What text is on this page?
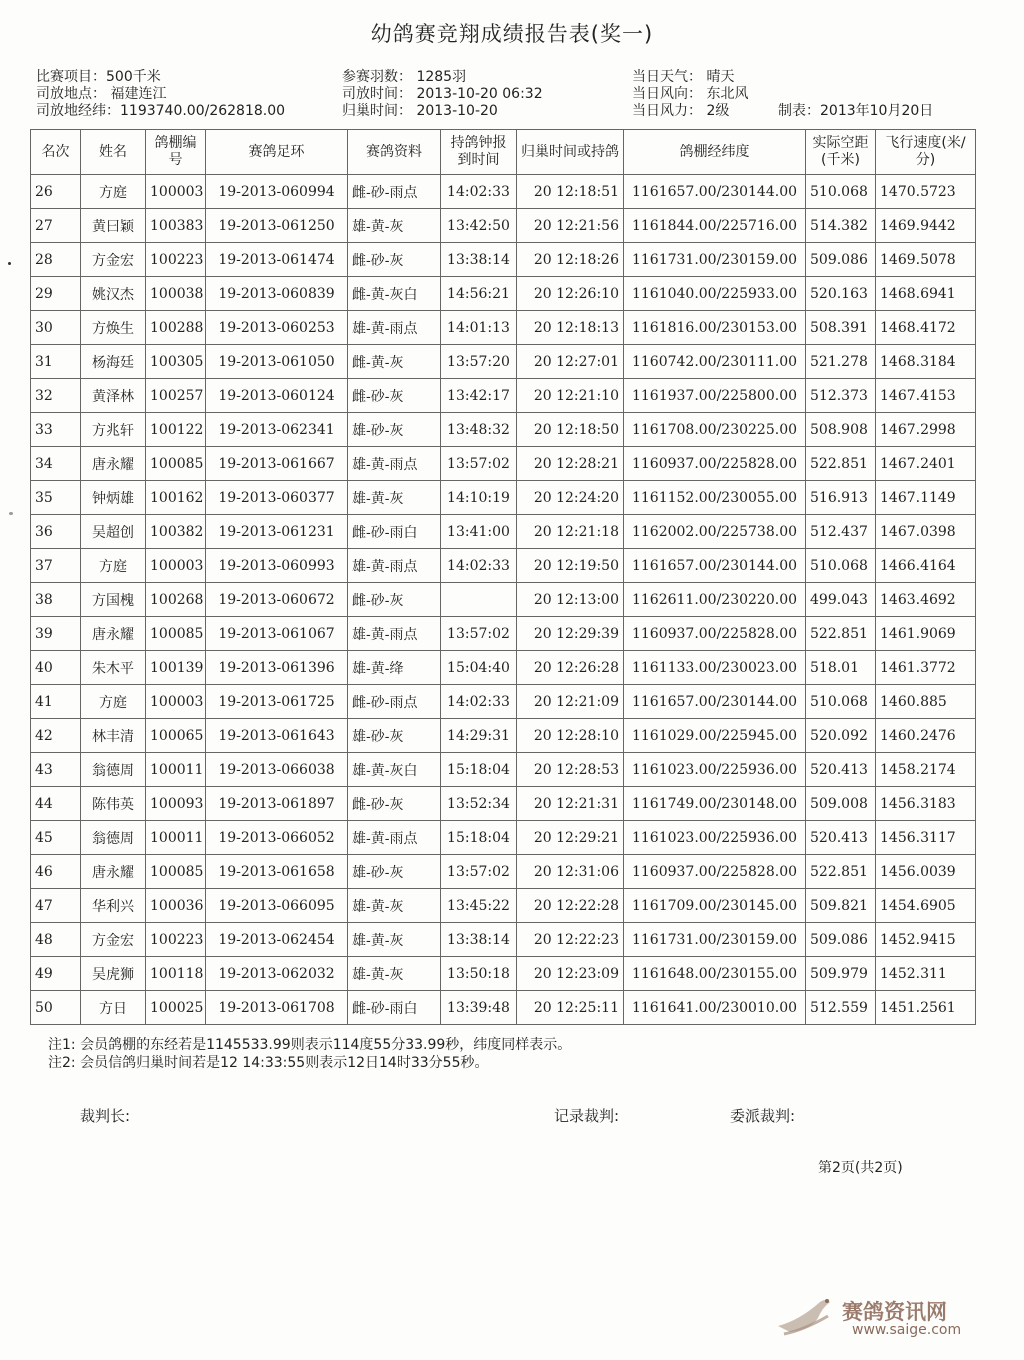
幼鸽赛竞翔成绩报告表(奖一)
比赛项目：500千米
司放地点： 福建连江
司放地经纬：1193740.00/262818.00
参赛羽数： 1285羽
司放时间： 2013-10-20 06:32
归巢时间： 2013-10-20
当日天气： 晴天
当日风向： 东北风
当日风力： 2级	制表：2013年10月20日
名次	姓名	鸽棚编号	赛鸽足环	赛鸽资料	持鸽钟报到时间	归巢时间或持鸽	鸽棚经纬度	实际空距(千米)	飞行速度(米/分)
26	方庭	100003	19-2013-060994	雌-砂-雨点	14:02:33	20 12:18:51	1161657.00/230144.00	510.068	1470.5723
27	黄曰颖	100383	19-2013-061250	雄-黄-灰	13:42:50	20 12:21:56	1161844.00/225716.00	514.382	1469.9442
28	方金宏	100223	19-2013-061474	雌-砂-灰	13:38:14	20 12:18:26	1161731.00/230159.00	509.086	1469.5078
29	姚汉杰	100038	19-2013-060839	雌-黄-灰白	14:56:21	20 12:26:10	1161040.00/225933.00	520.163	1468.6941
30	方焕生	100288	19-2013-060253	雄-黄-雨点	14:01:13	20 12:18:13	1161816.00/230153.00	508.391	1468.4172
31	杨海廷	100305	19-2013-061050	雌-黄-灰	13:57:20	20 12:27:01	1160742.00/230111.00	521.278	1468.3184
32	黄泽林	100257	19-2013-060124	雌-砂-灰	13:42:17	20 12:21:10	1161937.00/225800.00	512.373	1467.4153
33	方兆轩	100122	19-2013-062341	雄-砂-灰	13:48:32	20 12:18:50	1161708.00/230225.00	508.908	1467.2998
34	唐永耀	100085	19-2013-061667	雄-黄-雨点	13:57:02	20 12:28:21	1160937.00/225828.00	522.851	1467.2401
35	钟炳雄	100162	19-2013-060377	雄-黄-灰	14:10:19	20 12:24:20	1161152.00/230055.00	516.913	1467.1149
36	吴超创	100382	19-2013-061231	雌-砂-雨白	13:41:00	20 12:21:18	1162002.00/225738.00	512.437	1467.0398
37	方庭	100003	19-2013-060993	雄-黄-雨点	14:02:33	20 12:19:50	1161657.00/230144.00	510.068	1466.4164
38	方国槐	100268	19-2013-060672	雌-砂-灰		20 12:13:00	1162611.00/230220.00	499.043	1463.4692
39	唐永耀	100085	19-2013-061067	雄-黄-雨点	13:57:02	20 12:29:39	1160937.00/225828.00	522.851	1461.9069
40	朱木平	100139	19-2013-061396	雄-黄-绛	15:04:40	20 12:26:28	1161133.00/230023.00	518.01	1461.3772
41	方庭	100003	19-2013-061725	雌-砂-雨点	14:02:33	20 12:21:09	1161657.00/230144.00	510.068	1460.885
42	林丰清	100065	19-2013-061643	雄-砂-灰	14:29:31	20 12:28:10	1161029.00/225945.00	520.092	1460.2476
43	翁德周	100011	19-2013-066038	雄-黄-灰白	15:18:04	20 12:28:53	1161023.00/225936.00	520.413	1458.2174
44	陈伟英	100093	19-2013-061897	雌-砂-灰	13:52:34	20 12:21:31	1161749.00/230148.00	509.008	1456.3183
45	翁德周	100011	19-2013-066052	雄-黄-雨点	15:18:04	20 12:29:21	1161023.00/225936.00	520.413	1456.3117
46	唐永耀	100085	19-2013-061658	雄-砂-灰	13:57:02	20 12:31:06	1160937.00/225828.00	522.851	1456.0039
47	华利兴	100036	19-2013-066095	雄-黄-灰	13:45:22	20 12:22:28	1161709.00/230145.00	509.821	1454.6905
48	方金宏	100223	19-2013-062454	雄-黄-灰	13:38:14	20 12:22:23	1161731.00/230159.00	509.086	1452.9415
49	吴虎狮	100118	19-2013-062032	雄-黄-灰	13:50:18	20 12:23:09	1161648.00/230155.00	509.979	1452.311
50	方日	100025	19-2013-061708	雌-砂-雨白	13:39:48	20 12:25:11	1161641.00/230010.00	512.559	1451.2561
注1: 会员鸽棚的东经若是1145533.99则表示114度55分33.99秒，纬度同样表示。
注2: 会员信鸽归巢时间若是12 14:33:55则表示12日14时33分55秒。
裁判长:	记录裁判:	委派裁判:
第2页(共2页)
赛鸽资讯网
www.saige.com
